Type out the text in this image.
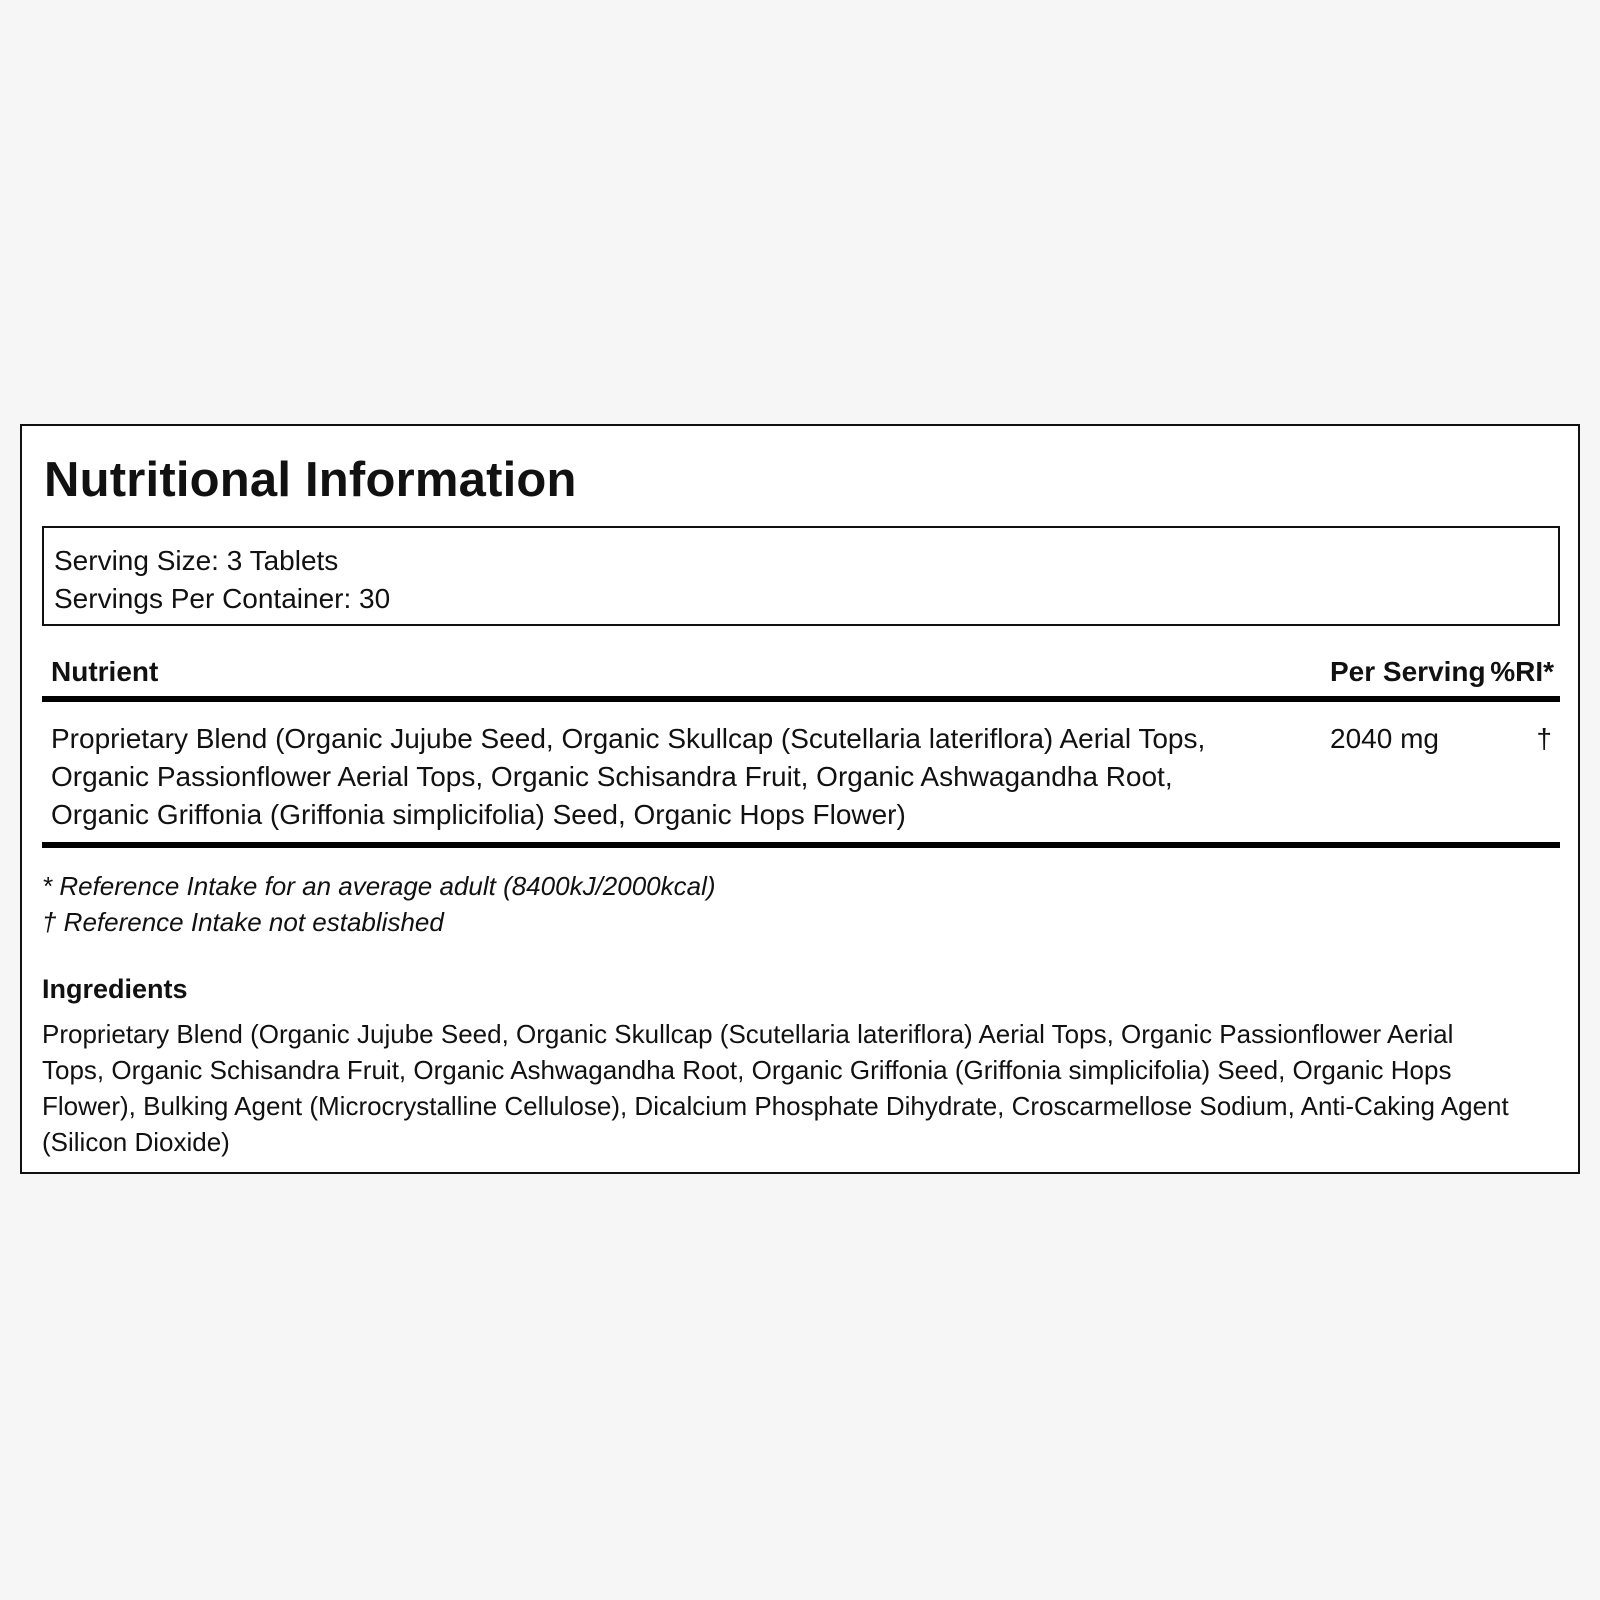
Nutritional Information
Serving Size: 3 Tablets
Servings Per Container: 30
Nutrient	Per Serving %RI*
Proprietary Blend (Organic Jujube Seed, Organic Skullcap (Scutellaria lateriflora) Aerial Tops, Organic Passionflower Aerial Tops, Organic Schisandra Fruit, Organic Ashwagandha Root, Organic Griffonia (Griffonia simplicifolia) Seed, Organic Hops Flower)
2040 mg	†
* Reference Intake for an average adult (8400kJ/2000kcal)
† Reference Intake not established
Ingredients

Proprietary Blend (Organic Jujube Seed, Organic Skullcap (Scutellaria lateriflora) Aerial Tops, Organic Passionflower Aerial Tops, Organic Schisandra Fruit, Organic Ashwagandha Root, Organic Griffonia (Griffonia simplicifolia) Seed, Organic Hops Flower), Bulking Agent (Microcrystalline Cellulose), Dicalcium Phosphate Dihydrate, Croscarmellose Sodium, Anti-Caking Agent (Silicon Dioxide)
